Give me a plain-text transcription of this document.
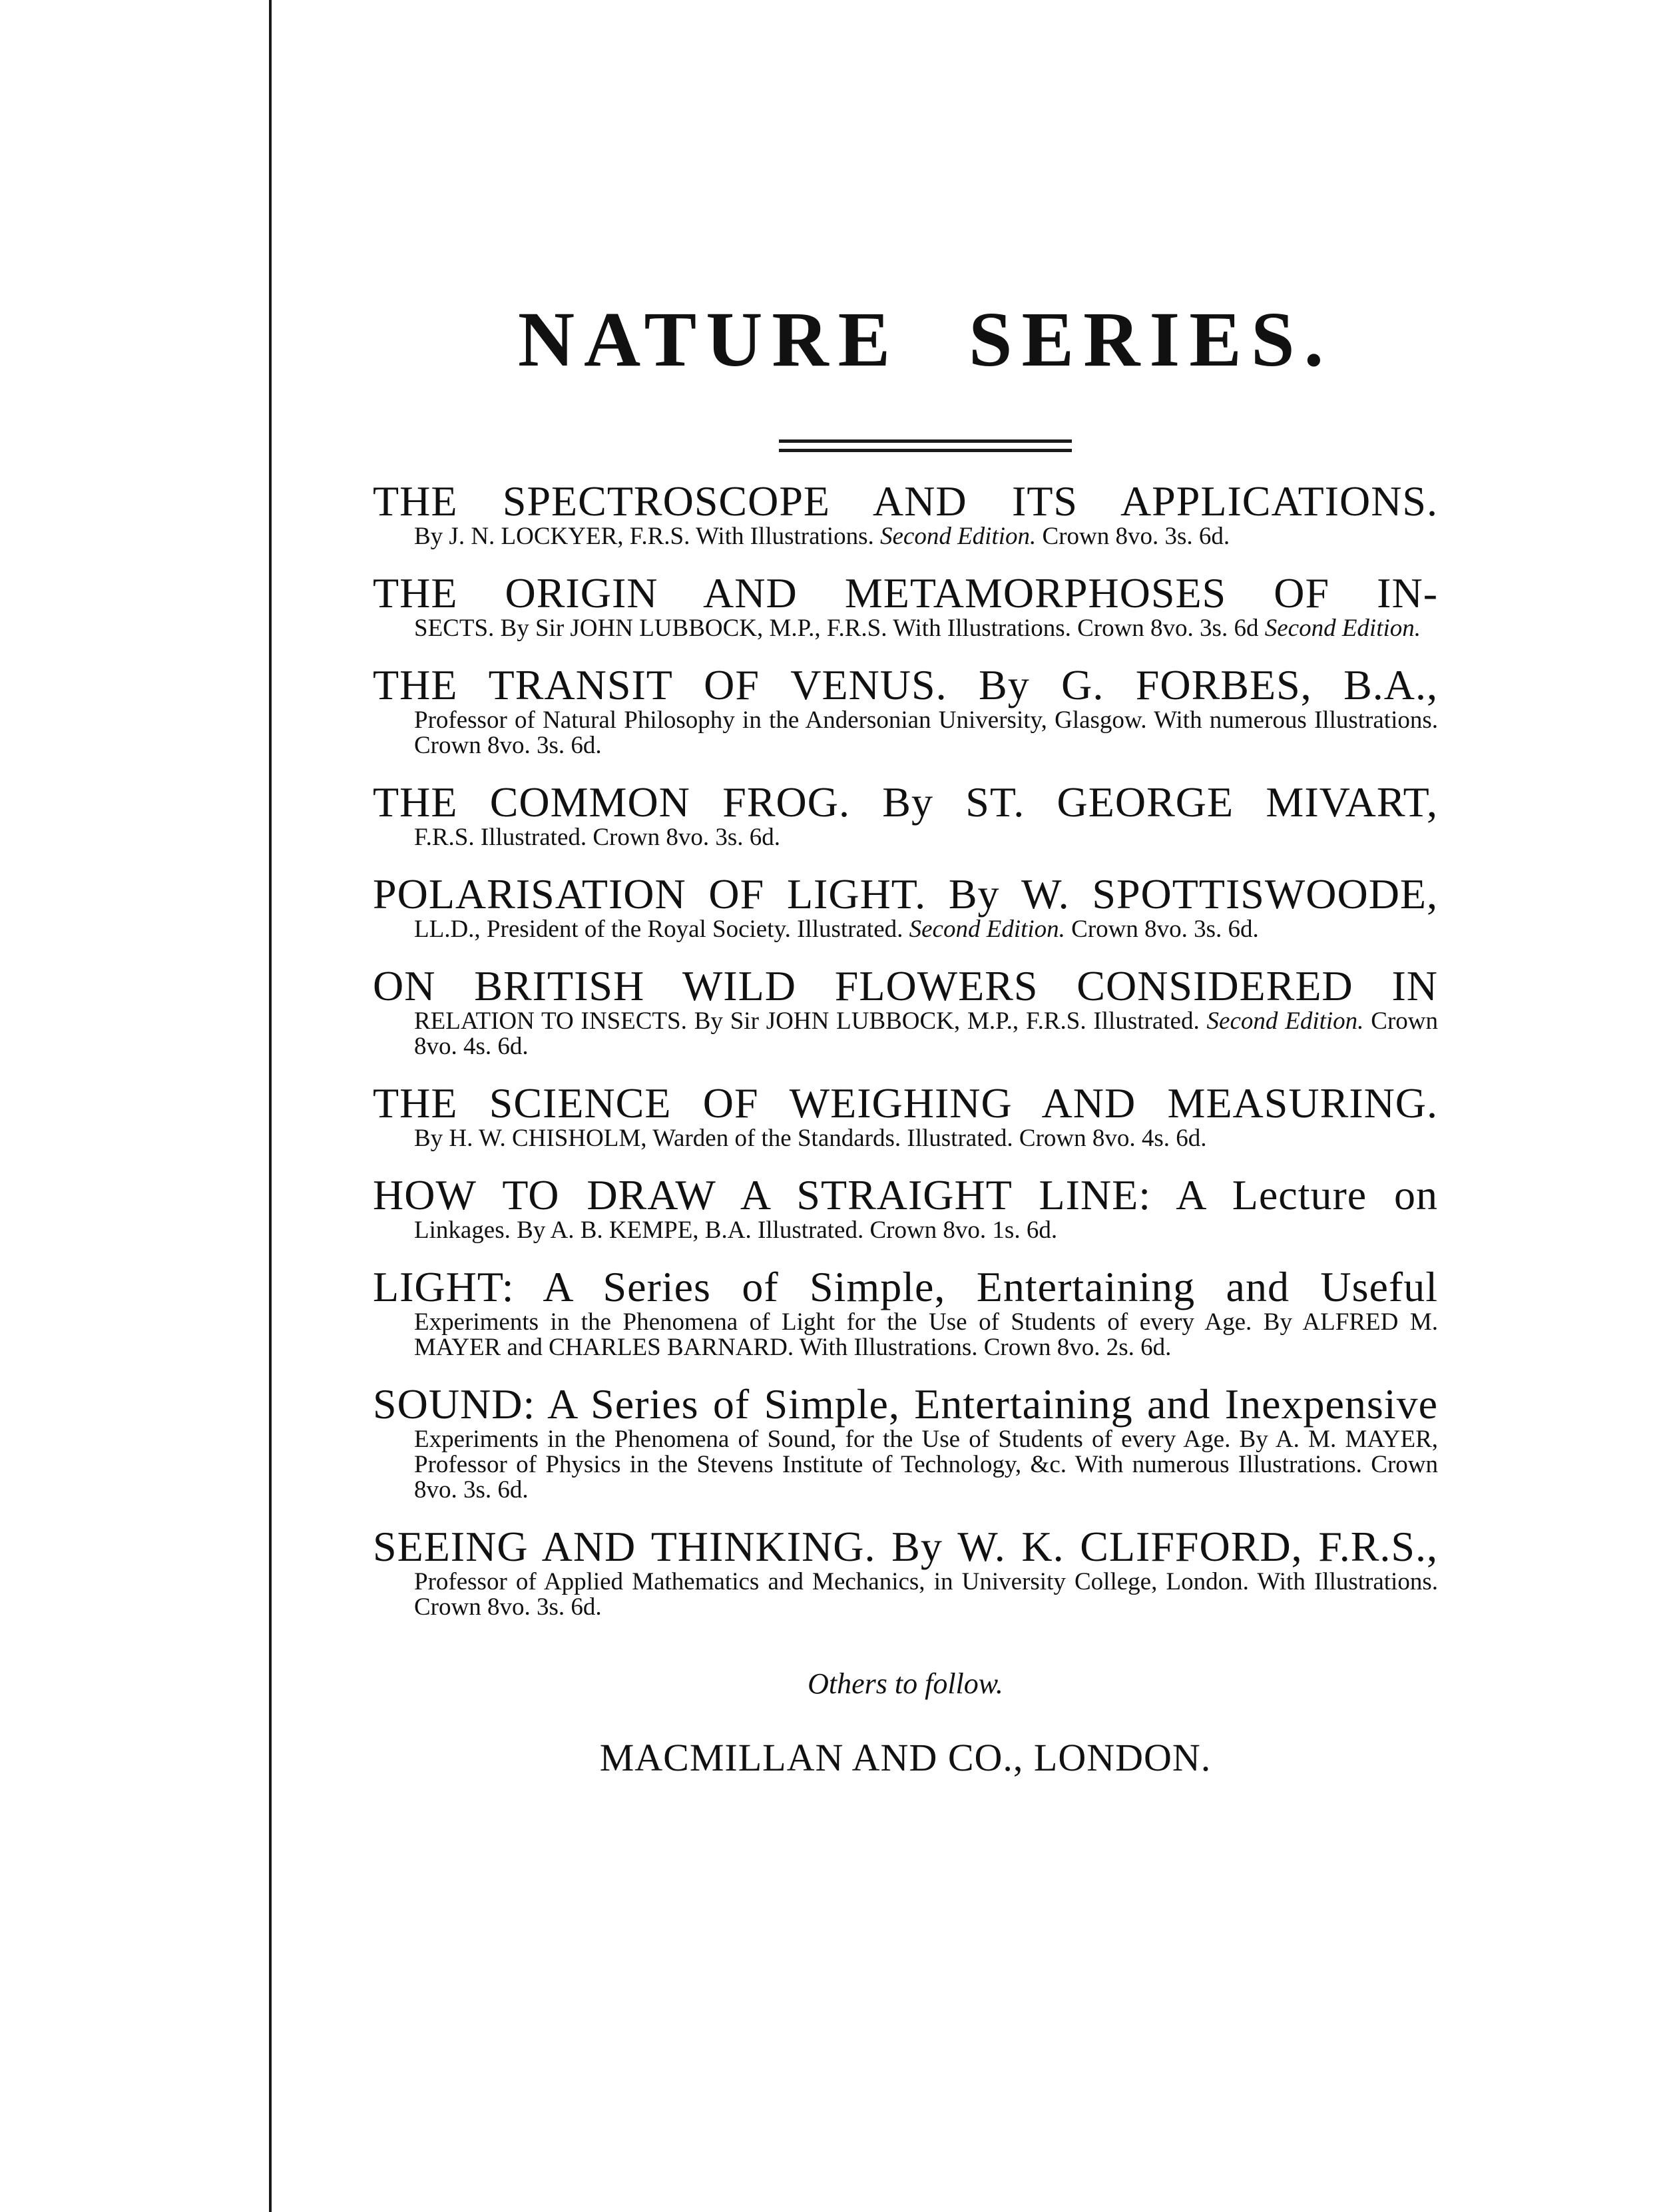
NATURE SERIES.
THE SPECTROSCOPE AND ITS APPLICATIONS.
By J. N. LOCKYER, F.R.S. With Illustrations. Second Edition. Crown 8vo. 3s. 6d.
THE ORIGIN AND METAMORPHOSES OF IN-
SECTS. By Sir JOHN LUBBOCK, M.P., F.R.S. With Illustrations. Crown 8vo. 3s. 6d Second Edition.
THE TRANSIT OF VENUS. By G. FORBES, B.A.,
Professor of Natural Philosophy in the Andersonian University, Glasgow. With numerous Illustrations. Crown 8vo. 3s. 6d.
THE COMMON FROG. By ST. GEORGE MIVART,
F.R.S. Illustrated. Crown 8vo. 3s. 6d.
POLARISATION OF LIGHT. By W. SPOTTISWOODE,
LL.D., President of the Royal Society. Illustrated. Second Edition. Crown 8vo. 3s. 6d.
ON BRITISH WILD FLOWERS CONSIDERED IN
RELATION TO INSECTS. By Sir JOHN LUBBOCK, M.P., F.R.S. Illustrated. Second Edition. Crown 8vo. 4s. 6d.
THE SCIENCE OF WEIGHING AND MEASURING.
By H. W. CHISHOLM, Warden of the Standards. Illustrated. Crown 8vo. 4s. 6d.
HOW TO DRAW A STRAIGHT LINE: A Lecture on
Linkages. By A. B. KEMPE, B.A. Illustrated. Crown 8vo. 1s. 6d.
LIGHT: A Series of Simple, Entertaining and Useful
Experiments in the Phenomena of Light for the Use of Students of every Age. By ALFRED M. MAYER and CHARLES BARNARD. With Illustrations. Crown 8vo. 2s. 6d.
SOUND: A Series of Simple, Entertaining and Inexpensive
Experiments in the Phenomena of Sound, for the Use of Students of every Age. By A. M. MAYER, Professor of Physics in the Stevens Institute of Technology, &c. With numerous Illustrations. Crown 8vo. 3s. 6d.
SEEING AND THINKING. By W. K. CLIFFORD, F.R.S.,
Professor of Applied Mathematics and Mechanics, in University College, London. With Illustrations. Crown 8vo. 3s. 6d.
Others to follow.
MACMILLAN AND CO., LONDON.
